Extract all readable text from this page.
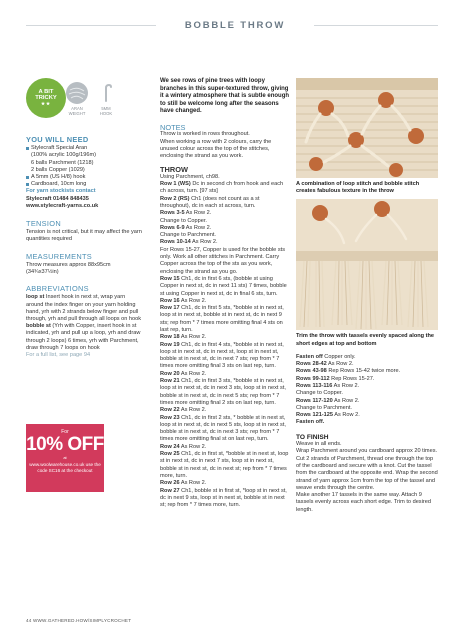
BOBBLE THROW
A BIT
TRICKY
★★
ARAN
WEIGHT
5MM
HOOK
YOU WILL NEED
Stylecraft Special Aran
(100% acrylic 100g/196m)
6 balls Parchment (1218)
2 balls Copper (1029)
A 5mm (US H/8) hook
Cardboard, 10cm long
For yarn stockists contact
Stylecraft 01484 848435
www.stylecraft-yarns.co.uk
TENSION
Tension is not critical, but it may affect the yarn quantities required
MEASUREMENTS
Throw measures approx 88x95cm (34¾x37½in)
ABBREVIATIONS
loop st Insert hook in next st, wrap yarn around the index finger on your yarn holding hand, yrh with 2 strands below finger and pull through, yrh and pull through all loops on hook
bobble st (Yrh with Copper, insert hook in st indicated, yrh and pull up a loop, yrh and draw through 2 loops) 6 times, yrh with Parchment, draw through 7 loops on hook
For a full list, see page 94
For
10% OFF
at
www.woolwarehouse.co.uk use the code SC16 at the checkout
We see rows of pine trees with loopy branches in this super-textured throw, giving it a wintery atmosphere that is subtle enough to still be welcome long after the seasons have changed.
NOTES
Throw is worked in rows throughout.
When working a row with 2 colours, carry the unused colour across the top of the stitches, enclosing the strand as you work.
THROW
Using Parchment, ch98.
Row 1 (WS) Dc in second ch from hook and each ch across, turn. [97 sts]
Row 2 (RS) Ch1 (does not count as a st throughout), dc in each st across, turn.
Rows 3-5 As Row 2.
Change to Copper.
Rows 6-9 As Row 2.
Change to Parchment.
Rows 10-14 As Row 2.
For Rows 15-27, Copper is used for the bobble sts only. Work all other stitches in Parchment. Carry Copper across the top of the sts as you work, enclosing the strand as you go.
Row 15 Ch1, dc in first 6 sts, (bobble st using Copper in next st, dc in next 11 sts) 7 times, bobble st using Copper in next st, dc in final 6 sts, turn.
Row 16 As Row 2.
Row 17 Ch1, dc in first 5 sts, *bobble st in next st, loop st in next st, bobble st in next st, dc in next 9 sts; rep from * 7 times more omitting final 4 sts on last rep, turn.
Row 18 As Row 2.
Row 19 Ch1, dc in first 4 sts, *bobble st in next st, loop st in next st, dc in next st, loop st in next st, bobble st in next st, dc in next 7 sts; rep from * 7 times more omitting final 3 sts on last rep, turn.
Row 20 As Row 2.
Row 21 Ch1, dc in first 3 sts, *bobble st in next st, loop st in next st, dc in next 3 sts, loop st in next st, bobble st in next st, dc in next 5 sts; rep from * 7 times more omitting final 2 sts on last rep, turn.
Row 22 As Row 2.
Row 23 Ch1, dc in first 2 sts, * bobble st in next st, loop st in next st, dc in next 5 sts, loop st in next st, bobble st in next st, dc in next 3 sts; rep from * 7 times more omitting final st on last rep, turn.
Row 24 As Row 2.
Row 25 Ch1, dc in first st, *bobble st in next st, loop st in next st, dc in next 7 sts, loop st in next st, bobble st in next st, dc in next st; rep from * 7 times more, turn.
Row 26 As Row 2.
Row 27 Ch1, bobble st in first st, *loop st in next st, dc in next 9 sts, loop st in next st, bobble st in next st; rep from * 7 times more, turn.
A combination of loop stitch and bobble stitch creates fabulous texture in the throw
Trim the throw with tassels evenly spaced along the short edges at top and bottom
Fasten off Copper only.
Rows 28-42 As Row 2.
Rows 43-98 Rep Rows 15-42 twice more.
Rows 99-112 Rep Rows 15-27.
Rows 113-116 As Row 2.
Change to Copper.
Rows 117-120 As Row 2.
Change to Parchment.
Rows 121-125 As Row 2.
Fasten off.
TO FINISH
Weave in all ends.
Wrap Parchment around you cardboard approx 20 times. Cut 2 strands of Parchment, thread one through the top of the cardboard and secure with a knot. Cut the tassel from the cardboard at the opposite end. Wrap the second strand of yarn approx 1cm from the top of the tassel and weave ends through the centre.
Make another 17 tassels in the same way. Attach 9 tassels evenly across each short edge. Trim to desired length.
44 WWW.GATHERED.HOW/SIMPLYCROCHET
